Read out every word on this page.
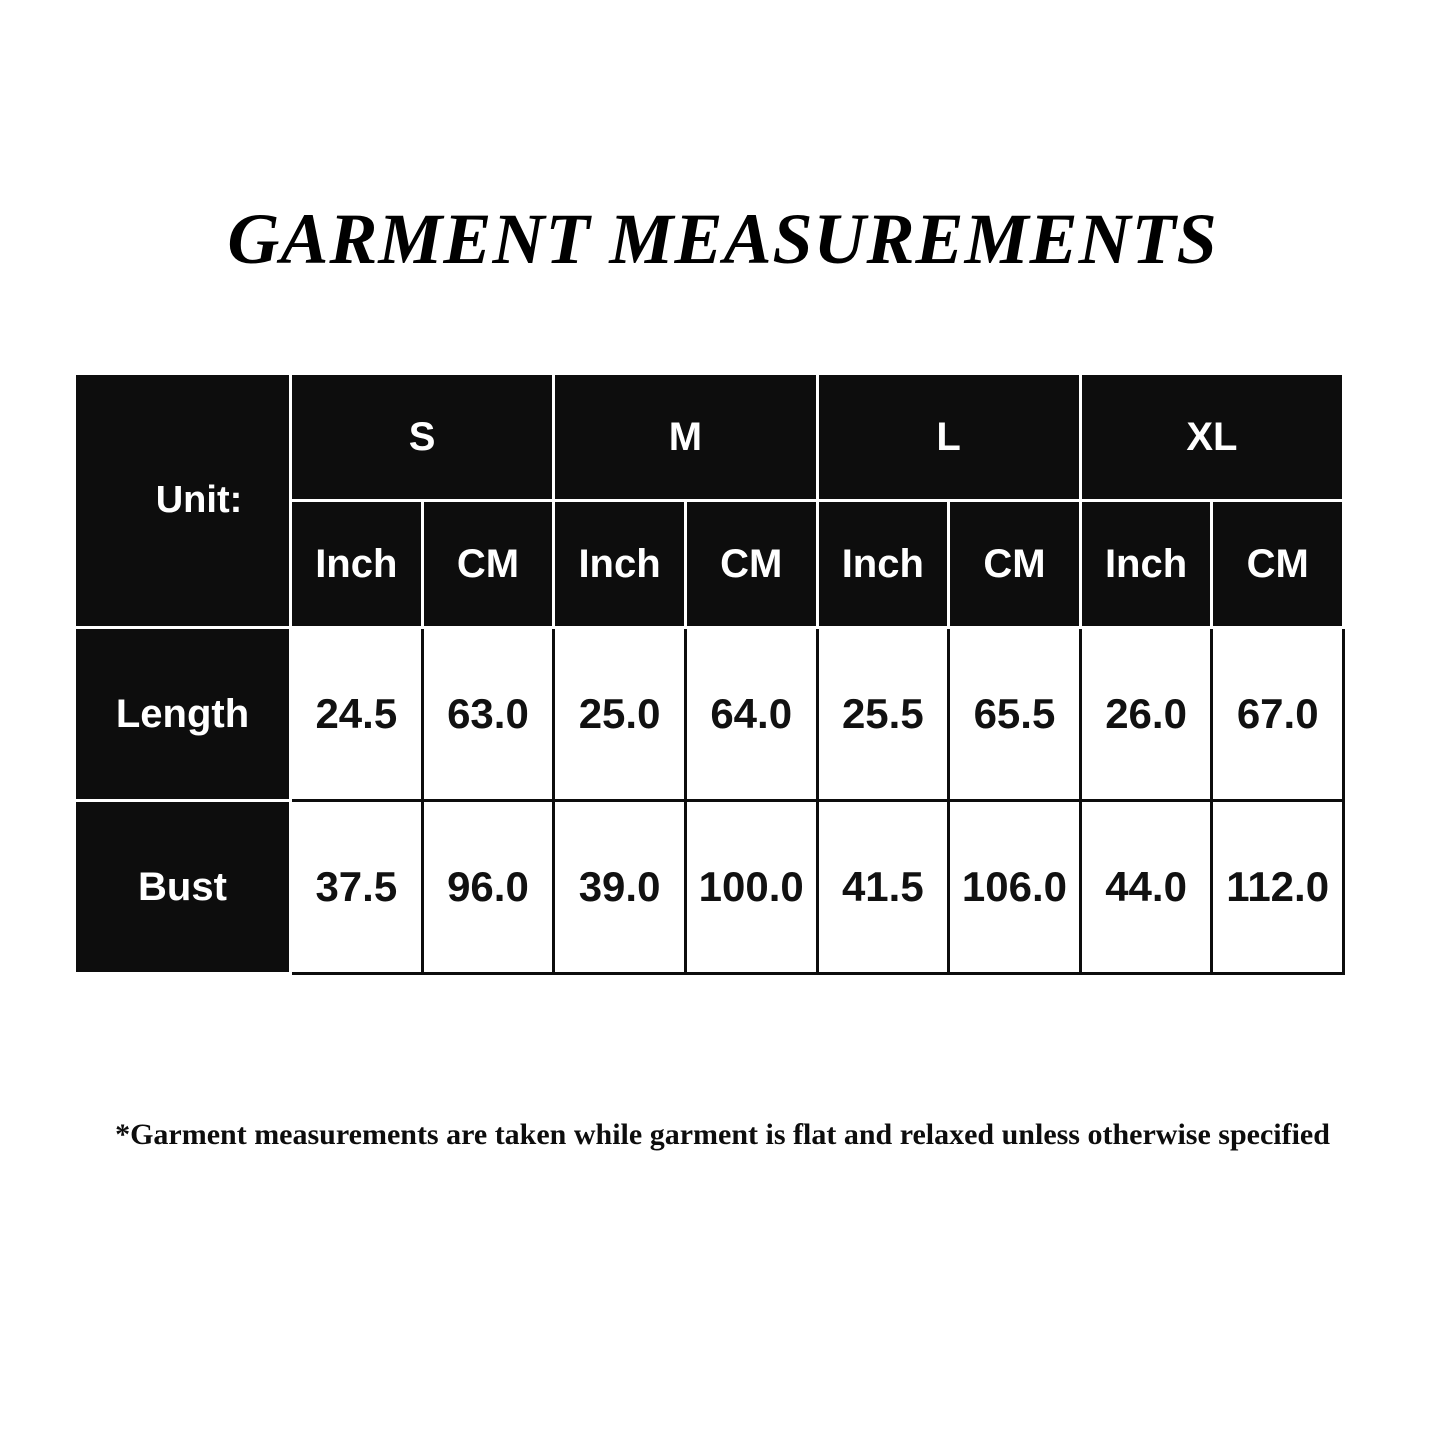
GARMENT MEASUREMENTS
Unit:	S		M		L		XL	
	Inch	CM	Inch	CM	Inch	CM	Inch	CM
Length	24.5	63.0	25.0	64.0	25.5	65.5	26.0	67.0
Bust	37.5	96.0	39.0	100.0	41.5	106.0	44.0	112.0
*Garment measurements are taken while garment is flat and relaxed unless otherwise specified
